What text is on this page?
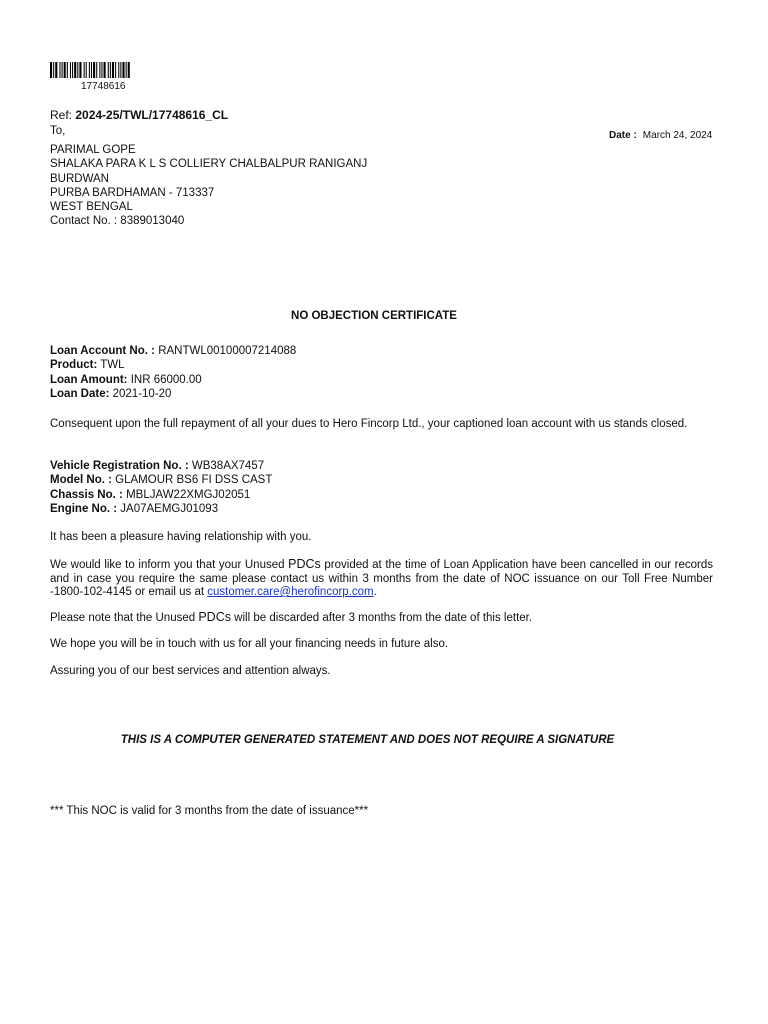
17748616
Ref: 2024-25/TWL/17748616_CL
To,	Date : March 24, 2024
PARIMAL GOPE
SHALAKA PARA K L S COLLIERY CHALBALPUR RANIGANJ
BURDWAN
PURBA BARDHAMAN - 713337
WEST BENGAL
Contact No. : 8389013040
NO OBJECTION CERTIFICATE
Loan Account No. : RANTWL00100007214088
Product: TWL
Loan Amount: INR 66000.00
Loan Date: 2021-10-20
Consequent upon the full repayment of all your dues to Hero Fincorp Ltd., your captioned loan account with us stands closed.
Vehicle Registration No. : WB38AX7457
Model No. : GLAMOUR BS6 FI DSS CAST
Chassis No. : MBLJAW22XMGJ02051
Engine No. : JA07AEMGJ01093
It has been a pleasure having relationship with you.
We would like to inform you that your Unused PDCs provided at the time of Loan Application have been cancelled in our records and in case you require the same please contact us within 3 months from the date of NOC issuance on our Toll Free Number -1800-102-4145 or email us at customer.care@herofincorp.com.
Please note that the Unused PDCs will be discarded after 3 months from the date of this letter.
We hope you will be in touch with us for all your financing needs in future also.
Assuring you of our best services and attention always.
THIS IS A COMPUTER GENERATED STATEMENT AND DOES NOT REQUIRE A SIGNATURE
*** This NOC is valid for 3 months from the date of issuance***
